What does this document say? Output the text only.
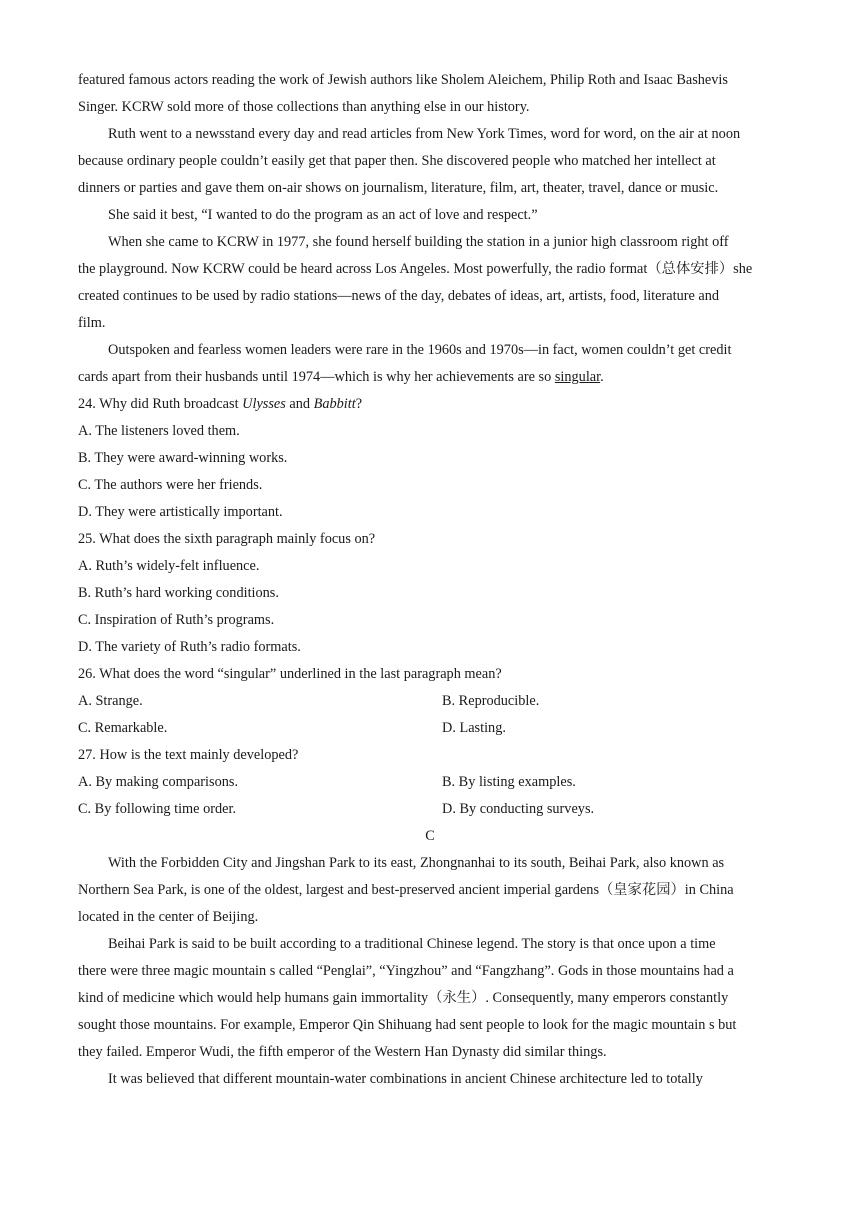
featured famous actors reading the work of Jewish authors like Sholem Aleichem, Philip Roth and Isaac Bashevis
Singer. KCRW sold more of those collections than anything else in our history.
Ruth went to a newsstand every day and read articles from New York Times, word for word, on the air at noon
because ordinary people couldn’t easily get that paper then. She discovered people who matched her intellect at
dinners or parties and gave them on-air shows on journalism, literature, film, art, theater, travel, dance or music.
She said it best, “I wanted to do the program as an act of love and respect.”
When she came to KCRW in 1977, she found herself building the station in a junior high classroom right off
the playground. Now KCRW could be heard across Los Angeles. Most powerfully, the radio format（总体安排）she
created continues to be used by radio stations—news of the day, debates of ideas, art, artists, food, literature and
film.
Outspoken and fearless women leaders were rare in the 1960s and 1970s—in fact, women couldn’t get credit
cards apart from their husbands until 1974—which is why her achievements are so singular.
24. Why did Ruth broadcast Ulysses and Babbitt?
A. The listeners loved them.
B. They were award-winning works.
C. The authors were her friends.
D. They were artistically important.
25. What does the sixth paragraph mainly focus on?
A. Ruth’s widely-felt influence.
B. Ruth’s hard working conditions.
C. Inspiration of Ruth’s programs.
D. The variety of Ruth’s radio formats.
26. What does the word “singular” underlined in the last paragraph mean?
A. Strange.	B. Reproducible.
C. Remarkable.	D. Lasting.
27. How is the text mainly developed?
A. By making comparisons.	B. By listing examples.
C. By following time order.	D. By conducting surveys.
C
With the Forbidden City and Jingshan Park to its east, Zhongnanhai to its south, Beihai Park, also known as
Northern Sea Park, is one of the oldest, largest and best-preserved ancient imperial gardens（皇家花园）in China
located in the center of Beijing.
Beihai Park is said to be built according to a traditional Chinese legend. The story is that once upon a time
there were three magic mountain s called “Penglai”, “Yingzhou” and “Fangzhang”. Gods in those mountains had a
kind of medicine which would help humans gain immortality（永生）. Consequently, many emperors constantly
sought those mountains. For example, Emperor Qin Shihuang had sent people to look for the magic mountain s but
they failed. Emperor Wudi, the fifth emperor of the Western Han Dynasty did similar things.
It was believed that different mountain-water combinations in ancient Chinese architecture led to totally
